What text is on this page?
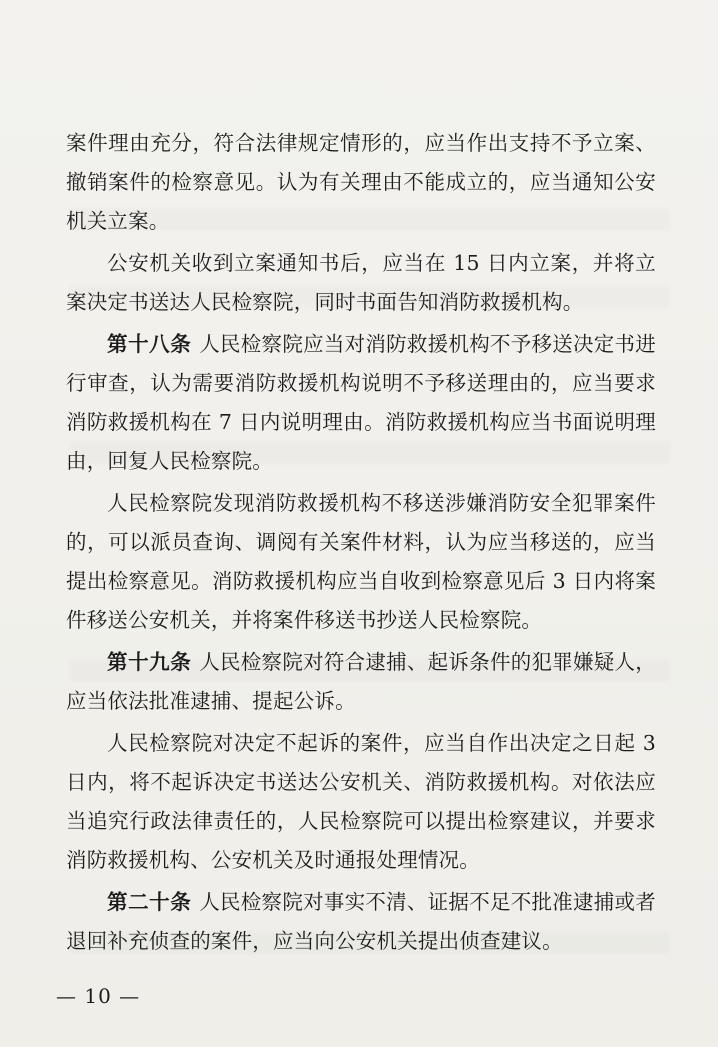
案件理由充分，符合法律规定情形的，应当作出支持不予立案、撤销案件的检察意见。认为有关理由不能成立的，应当通知公安机关立案。

公安机关收到立案通知书后，应当在 15 日内立案，并将立案决定书送达人民检察院，同时书面告知消防救援机构。

第十八条 人民检察院应当对消防救援机构不予移送决定书进行审查，认为需要消防救援机构说明不予移送理由的，应当要求消防救援机构在 7 日内说明理由。消防救援机构应当书面说明理由，回复人民检察院。

人民检察院发现消防救援机构不移送涉嫌消防安全犯罪案件的，可以派员查询、调阅有关案件材料，认为应当移送的，应当提出检察意见。消防救援机构应当自收到检察意见后 3 日内将案件移送公安机关，并将案件移送书抄送人民检察院。

第十九条 人民检察院对符合逮捕、起诉条件的犯罪嫌疑人，应当依法批准逮捕、提起公诉。

人民检察院对决定不起诉的案件，应当自作出决定之日起 3 日内，将不起诉决定书送达公安机关、消防救援机构。对依法应当追究行政法律责任的，人民检察院可以提出检察建议，并要求消防救援机构、公安机关及时通报处理情况。

第二十条 人民检察院对事实不清、证据不足不批准逮捕或者退回补充侦查的案件，应当向公安机关提出侦查建议。

— 10 —
